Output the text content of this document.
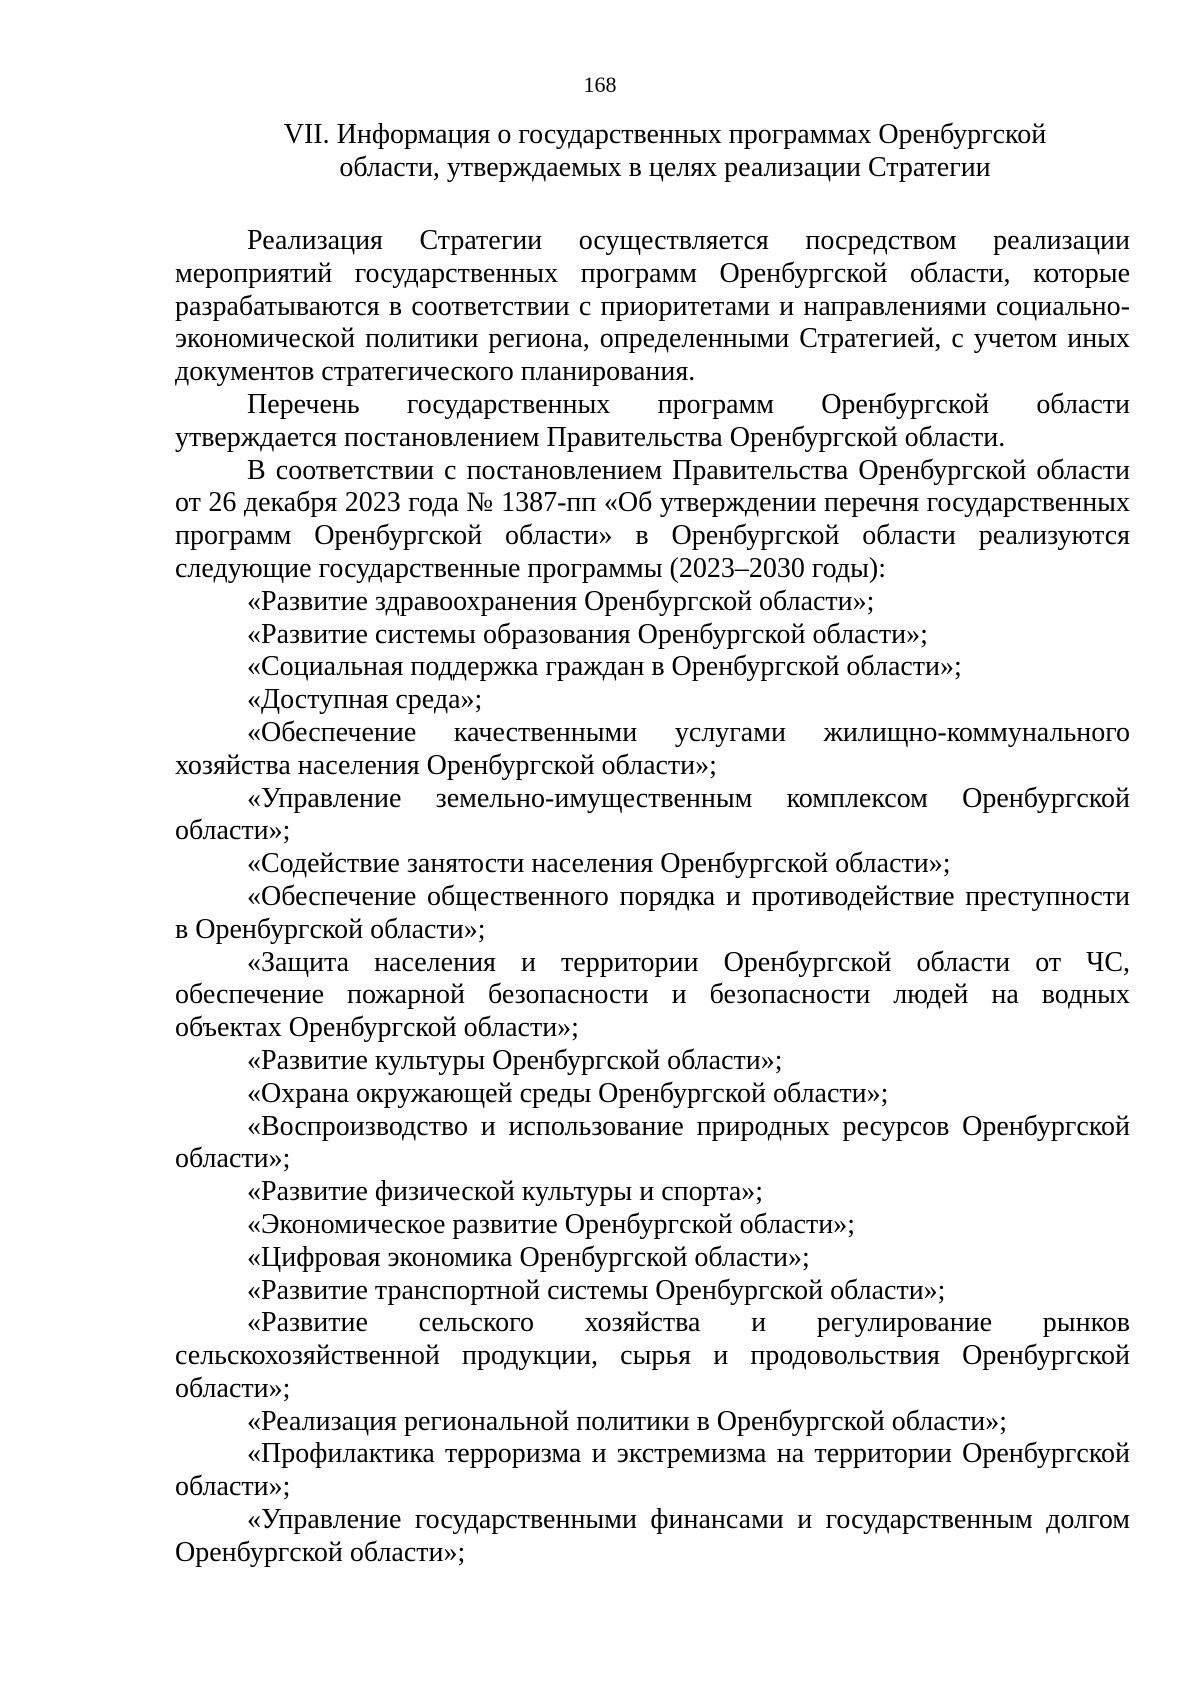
168
VII. Информация о государственных программах Оренбургской
области, утверждаемых в целях реализации Стратегии

Реализация Стратегии осуществляется посредством реализации мероприятий государственных программ Оренбургской области, которые разрабатываются в соответствии с приоритетами и направлениями социально-экономической политики региона, определенными Стратегией, с учетом иных документов стратегического планирования.

Перечень государственных программ Оренбургской области утверждается постановлением Правительства Оренбургской области.

В соответствии с постановлением Правительства Оренбургской области от 26 декабря 2023 года № 1387-пп «Об утверждении перечня государственных программ Оренбургской области» в Оренбургской области реализуются следующие государственные программы (2023–2030 годы):

«Развитие здравоохранения Оренбургской области»;

«Развитие системы образования Оренбургской области»;

«Социальная поддержка граждан в Оренбургской области»;

«Доступная среда»;

«Обеспечение качественными услугами жилищно-коммунального хозяйства населения Оренбургской области»;

«Управление земельно-имущественным комплексом Оренбургской области»;

«Содействие занятости населения Оренбургской области»;

«Обеспечение общественного порядка и противодействие преступности в Оренбургской области»;

«Защита населения и территории Оренбургской области от ЧС, обеспечение пожарной безопасности и безопасности людей на водных объектах Оренбургской области»;

«Развитие культуры Оренбургской области»;

«Охрана окружающей среды Оренбургской области»;

«Воспроизводство и использование природных ресурсов Оренбургской области»;

«Развитие физической культуры и спорта»;

«Экономическое развитие Оренбургской области»;

«Цифровая экономика Оренбургской области»;

«Развитие транспортной системы Оренбургской области»;

«Развитие сельского хозяйства и регулирование рынков сельскохозяйственной продукции, сырья и продовольствия Оренбургской области»;

«Реализация региональной политики в Оренбургской области»;

«Профилактика терроризма и экстремизма на территории Оренбургской области»;

«Управление государственными финансами и государственным долгом Оренбургской области»;
